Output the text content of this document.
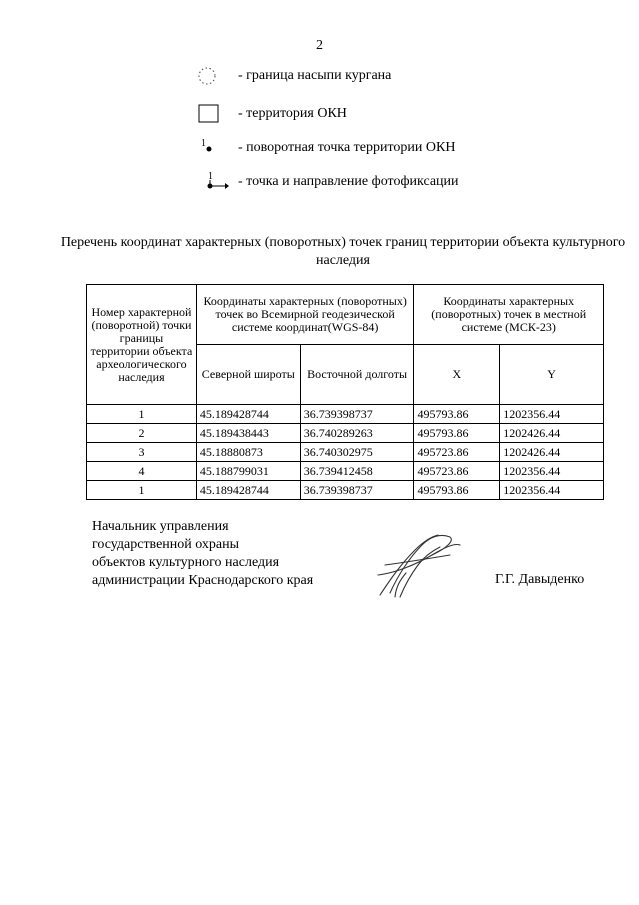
2
- граница насыпи кургана
- территория ОКН
1 - поворотная точка территории ОКН
1 - точка и направление фотофиксации
Перечень координат характерных (поворотных) точек границ территории объекта культурного наследия
Номер характерной (поворотной) точки границы территории объекта археологического наследия	Координаты характерных (поворотных) точек во Всемирной геодезической системе координат(WGS-84)		Координаты характерных (поворотных) точек в местной системе (МСК-23)	
	Северной широты	Восточной долготы	X	Y
1	45.189428744	36.739398737	495793.86	1202356.44
2	45.189438443	36.740289263	495793.86	1202426.44
3	45.18880873	36.740302975	495723.86	1202426.44
4	45.188799031	36.739412458	495723.86	1202356.44
1	45.189428744	36.739398737	495793.86	1202356.44
Начальник управления
государственной охраны
объектов культурного наследия
администрации Краснодарского края	Г.Г. Давыденко
